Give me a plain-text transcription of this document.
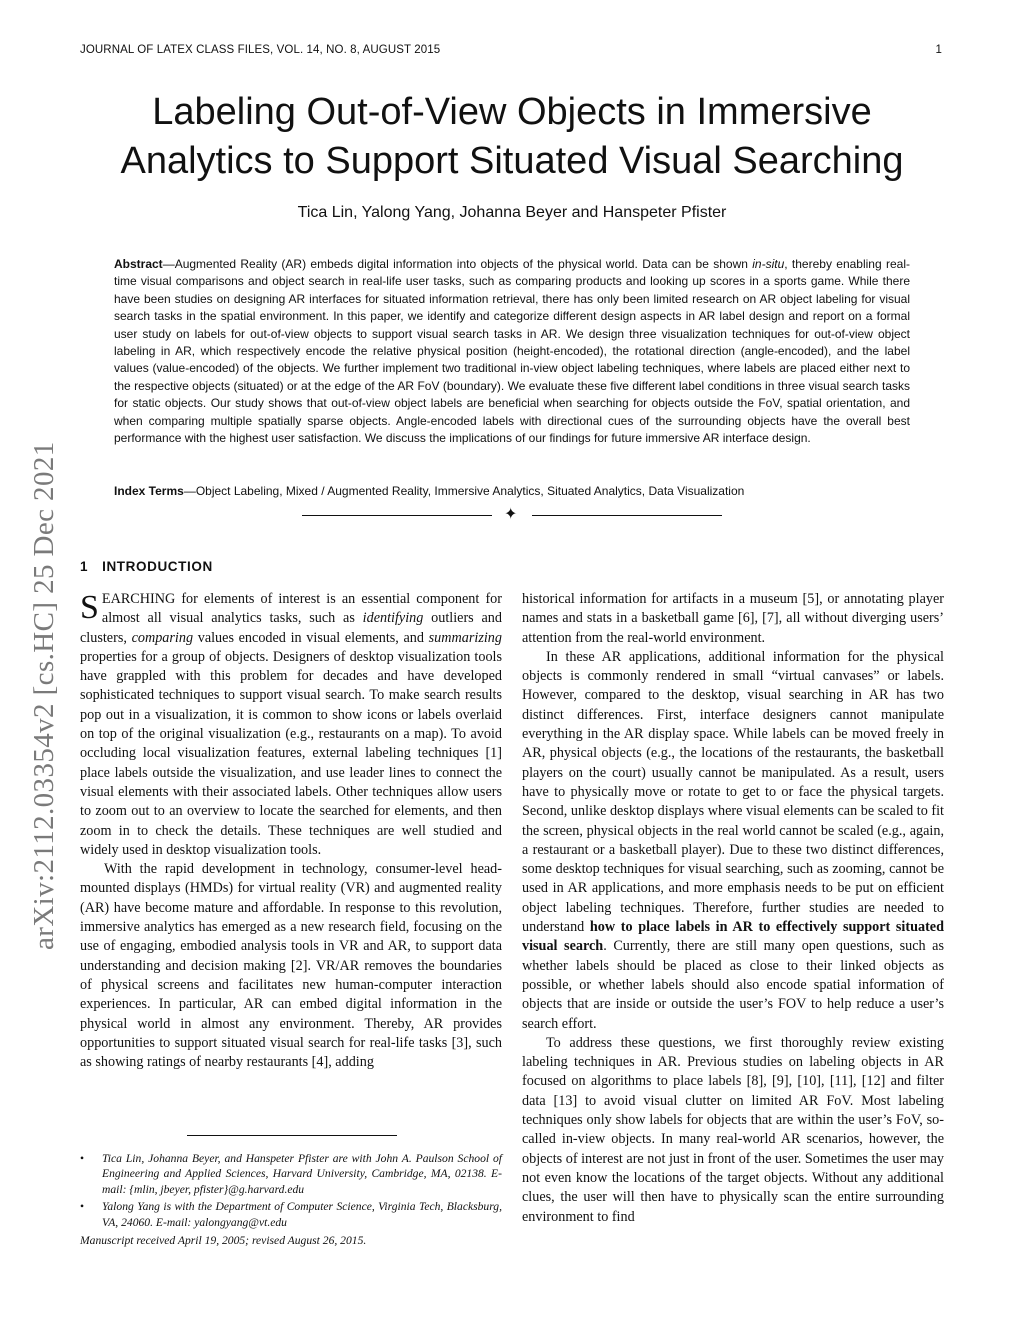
JOURNAL OF LATEX CLASS FILES, VOL. 14, NO. 8, AUGUST 2015	1
arXiv:2112.03354v2 [cs.HC] 25 Dec 2021
Labeling Out-of-View Objects in Immersive
Analytics to Support Situated Visual Searching
Tica Lin, Yalong Yang, Johanna Beyer and Hanspeter Pfister
Abstract—Augmented Reality (AR) embeds digital information into objects of the physical world. Data can be shown in-situ, thereby enabling real-time visual comparisons and object search in real-life user tasks, such as comparing products and looking up scores in a sports game. While there have been studies on designing AR interfaces for situated information retrieval, there has only been limited research on AR object labeling for visual search tasks in the spatial environment. In this paper, we identify and categorize different design aspects in AR label design and report on a formal user study on labels for out-of-view objects to support visual search tasks in AR. We design three visualization techniques for out-of-view object labeling in AR, which respectively encode the relative physical position (height-encoded), the rotational direction (angle-encoded), and the label values (value-encoded) of the objects. We further implement two traditional in-view object labeling techniques, where labels are placed either next to the respective objects (situated) or at the edge of the AR FoV (boundary). We evaluate these five different label conditions in three visual search tasks for static objects. Our study shows that out-of-view object labels are beneficial when searching for objects outside the FoV, spatial orientation, and when comparing multiple spatially sparse objects. Angle-encoded labels with directional cues of the surrounding objects have the overall best performance with the highest user satisfaction. We discuss the implications of our findings for future immersive AR interface design.
Index Terms—Object Labeling, Mixed / Augmented Reality, Immersive Analytics, Situated Analytics, Data Visualization
✦
1 INTRODUCTION

SEARCHING for elements of interest is an essential component for almost all visual analytics tasks, such as identifying outliers and clusters, comparing values encoded in visual elements, and summarizing properties for a group of objects. Designers of desktop visualization tools have grappled with this problem for decades and have developed sophisticated techniques to support visual search. To make search results pop out in a visualization, it is common to show icons or labels overlaid on top of the original visualization (e.g., restaurants on a map). To avoid occluding local visualization features, external labeling techniques [1] place labels outside the visualization, and use leader lines to connect the visual elements with their associated labels. Other techniques allow users to zoom out to an overview to locate the searched for elements, and then zoom in to check the details. These techniques are well studied and widely used in desktop visualization tools.

With the rapid development in technology, consumer-level head-mounted displays (HMDs) for virtual reality (VR) and augmented reality (AR) have become mature and affordable. In response to this revolution, immersive analytics has emerged as a new research field, focusing on the use of engaging, embodied analysis tools in VR and AR, to support data understanding and decision making [2]. VR/AR removes the boundaries of physical screens and facilitates new human-computer interaction experiences. In particular, AR can embed digital information in the physical world in almost any environment. Thereby, AR provides opportunities to support situated visual search for real-life tasks [3], such as showing ratings of nearby restaurants [4], adding

historical information for artifacts in a museum [5], or annotating player names and stats in a basketball game [6], [7], all without diverging users’ attention from the real-world environment.

In these AR applications, additional information for the physical objects is commonly rendered in small “virtual canvases” or labels. However, compared to the desktop, visual searching in AR has two distinct differences. First, interface designers cannot manipulate everything in the AR display space. While labels can be moved freely in AR, physical objects (e.g., the locations of the restaurants, the basketball players on the court) usually cannot be manipulated. As a result, users have to physically move or rotate to get to or face the physical targets. Second, unlike desktop displays where visual elements can be scaled to fit the screen, physical objects in the real world cannot be scaled (e.g., again, a restaurant or a basketball player). Due to these two distinct differences, some desktop techniques for visual searching, such as zooming, cannot be used in AR applications, and more emphasis needs to be put on efficient object labeling techniques. Therefore, further studies are needed to understand how to place labels in AR to effectively support situated visual search. Currently, there are still many open questions, such as whether labels should be placed as close to their linked objects as possible, or whether labels should also encode spatial information of objects that are inside or outside the user’s FOV to help reduce a user’s search effort.

To address these questions, we first thoroughly review existing labeling techniques in AR. Previous studies on labeling objects in AR focused on algorithms to place labels [8], [9], [10], [11], [12] and filter data [13] to avoid visual clutter on limited AR FoV. Most labeling techniques only show labels for objects that are within the user’s FoV, so-called in-view objects. In many real-world AR scenarios, however, the objects of interest are not just in front of the user. Sometimes the user may not even know the locations of the target objects. Without any additional clues, the user will then have to physically scan the entire surrounding environment to find

• Tica Lin, Johanna Beyer, and Hanspeter Pfister are with John A. Paulson School of Engineering and Applied Sciences, Harvard University, Cambridge, MA, 02138. E-mail: {mlin, jbeyer, pfister}@g.harvard.edu
• Yalong Yang is with the Department of Computer Science, Virginia Tech, Blacksburg, VA, 24060. E-mail: yalongyang@vt.edu
Manuscript received April 19, 2005; revised August 26, 2015.
